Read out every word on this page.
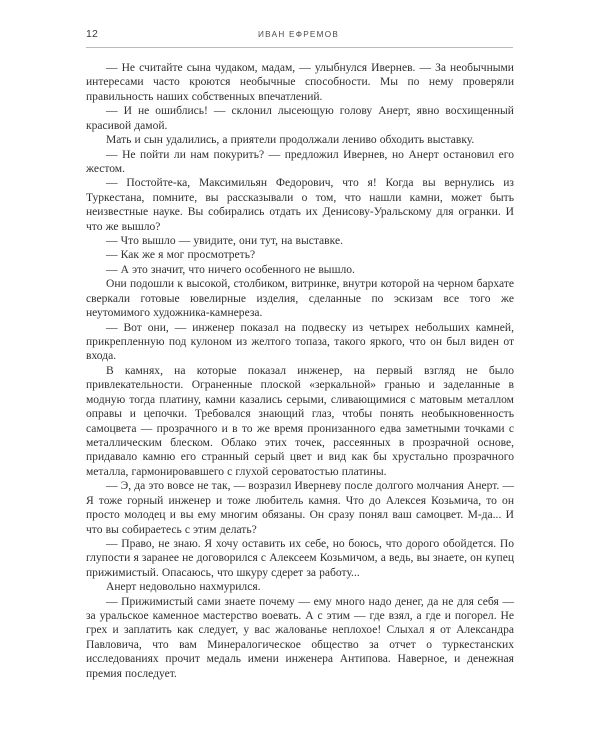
12	ИВАН ЕФРЕМОВ

— Не считайте сына чудаком, мадам, — улыбнулся Ивернев. — За необычными интересами часто кроются необычные способности. Мы по нему проверяли правильность наших собственных впечатлений.

— И не ошиблись! — склонил лысеющую голову Анерт, явно восхищенный красивой дамой.

Мать и сын удалились, а приятели продолжали лениво обходить выставку.

— Не пойти ли нам покурить? — предложил Ивернев, но Анерт остановил его жестом.

— Постойте-ка, Максимильян Федорович, что я! Когда вы вернулись из Туркестана, помните, вы рассказывали о том, что нашли камни, может быть неизвестные науке. Вы собирались отдать их Денисову-Уральскому для огранки. И что же вышло?

— Что вышло — увидите, они тут, на выставке.

— Как же я мог просмотреть?

— А это значит, что ничего особенного не вышло.

Они подошли к высокой, столбиком, витринке, внутри которой на черном бархате сверкали готовые ювелирные изделия, сделанные по эскизам все того же неутомимого художника-камнереза.

— Вот они, — инженер показал на подвеску из четырех небольших камней, прикрепленную под кулоном из желтого топаза, такого яркого, что он был виден от входа.

В камнях, на которые показал инженер, на первый взгляд не было привлекательности. Ограненные плоской «зеркальной» гранью и заделанные в модную тогда платину, камни казались серыми, сливающимися с матовым металлом оправы и цепочки. Требовался знающий глаз, чтобы понять необыкновенность самоцвета — прозрачного и в то же время пронизанного едва заметными точками с металлическим блеском. Облако этих точек, рассеянных в прозрачной основе, придавало камню его странный серый цвет и вид как бы хрустально прозрачного металла, гармонировавшего с глухой сероватостью платины.

— Э, да это вовсе не так, — возразил Иверневу после долгого молчания Анерт. — Я тоже горный инженер и тоже любитель камня. Что до Алексея Козьмича, то он просто молодец и вы ему многим обязаны. Он сразу понял ваш самоцвет. М-да... И что вы собираетесь с этим делать?

— Право, не знаю. Я хочу оставить их себе, но боюсь, что дорого обойдется. По глупости я заранее не договорился с Алексеем Козьмичом, а ведь, вы знаете, он купец прижимистый. Опасаюсь, что шкуру сдерет за работу...

Анерт недовольно нахмурился.

— Прижимистый сами знаете почему — ему много надо денег, да не для себя — за уральское каменное мастерство воевать. А с этим — где взял, а где и погорел. Не грех и заплатить как следует, у вас жалованье неплохое! Слыхал я от Александра Павловича, что вам Минералогическое общество за отчет о туркестанских исследованиях прочит медаль имени инженера Антипова. Наверное, и денежная премия последует.
